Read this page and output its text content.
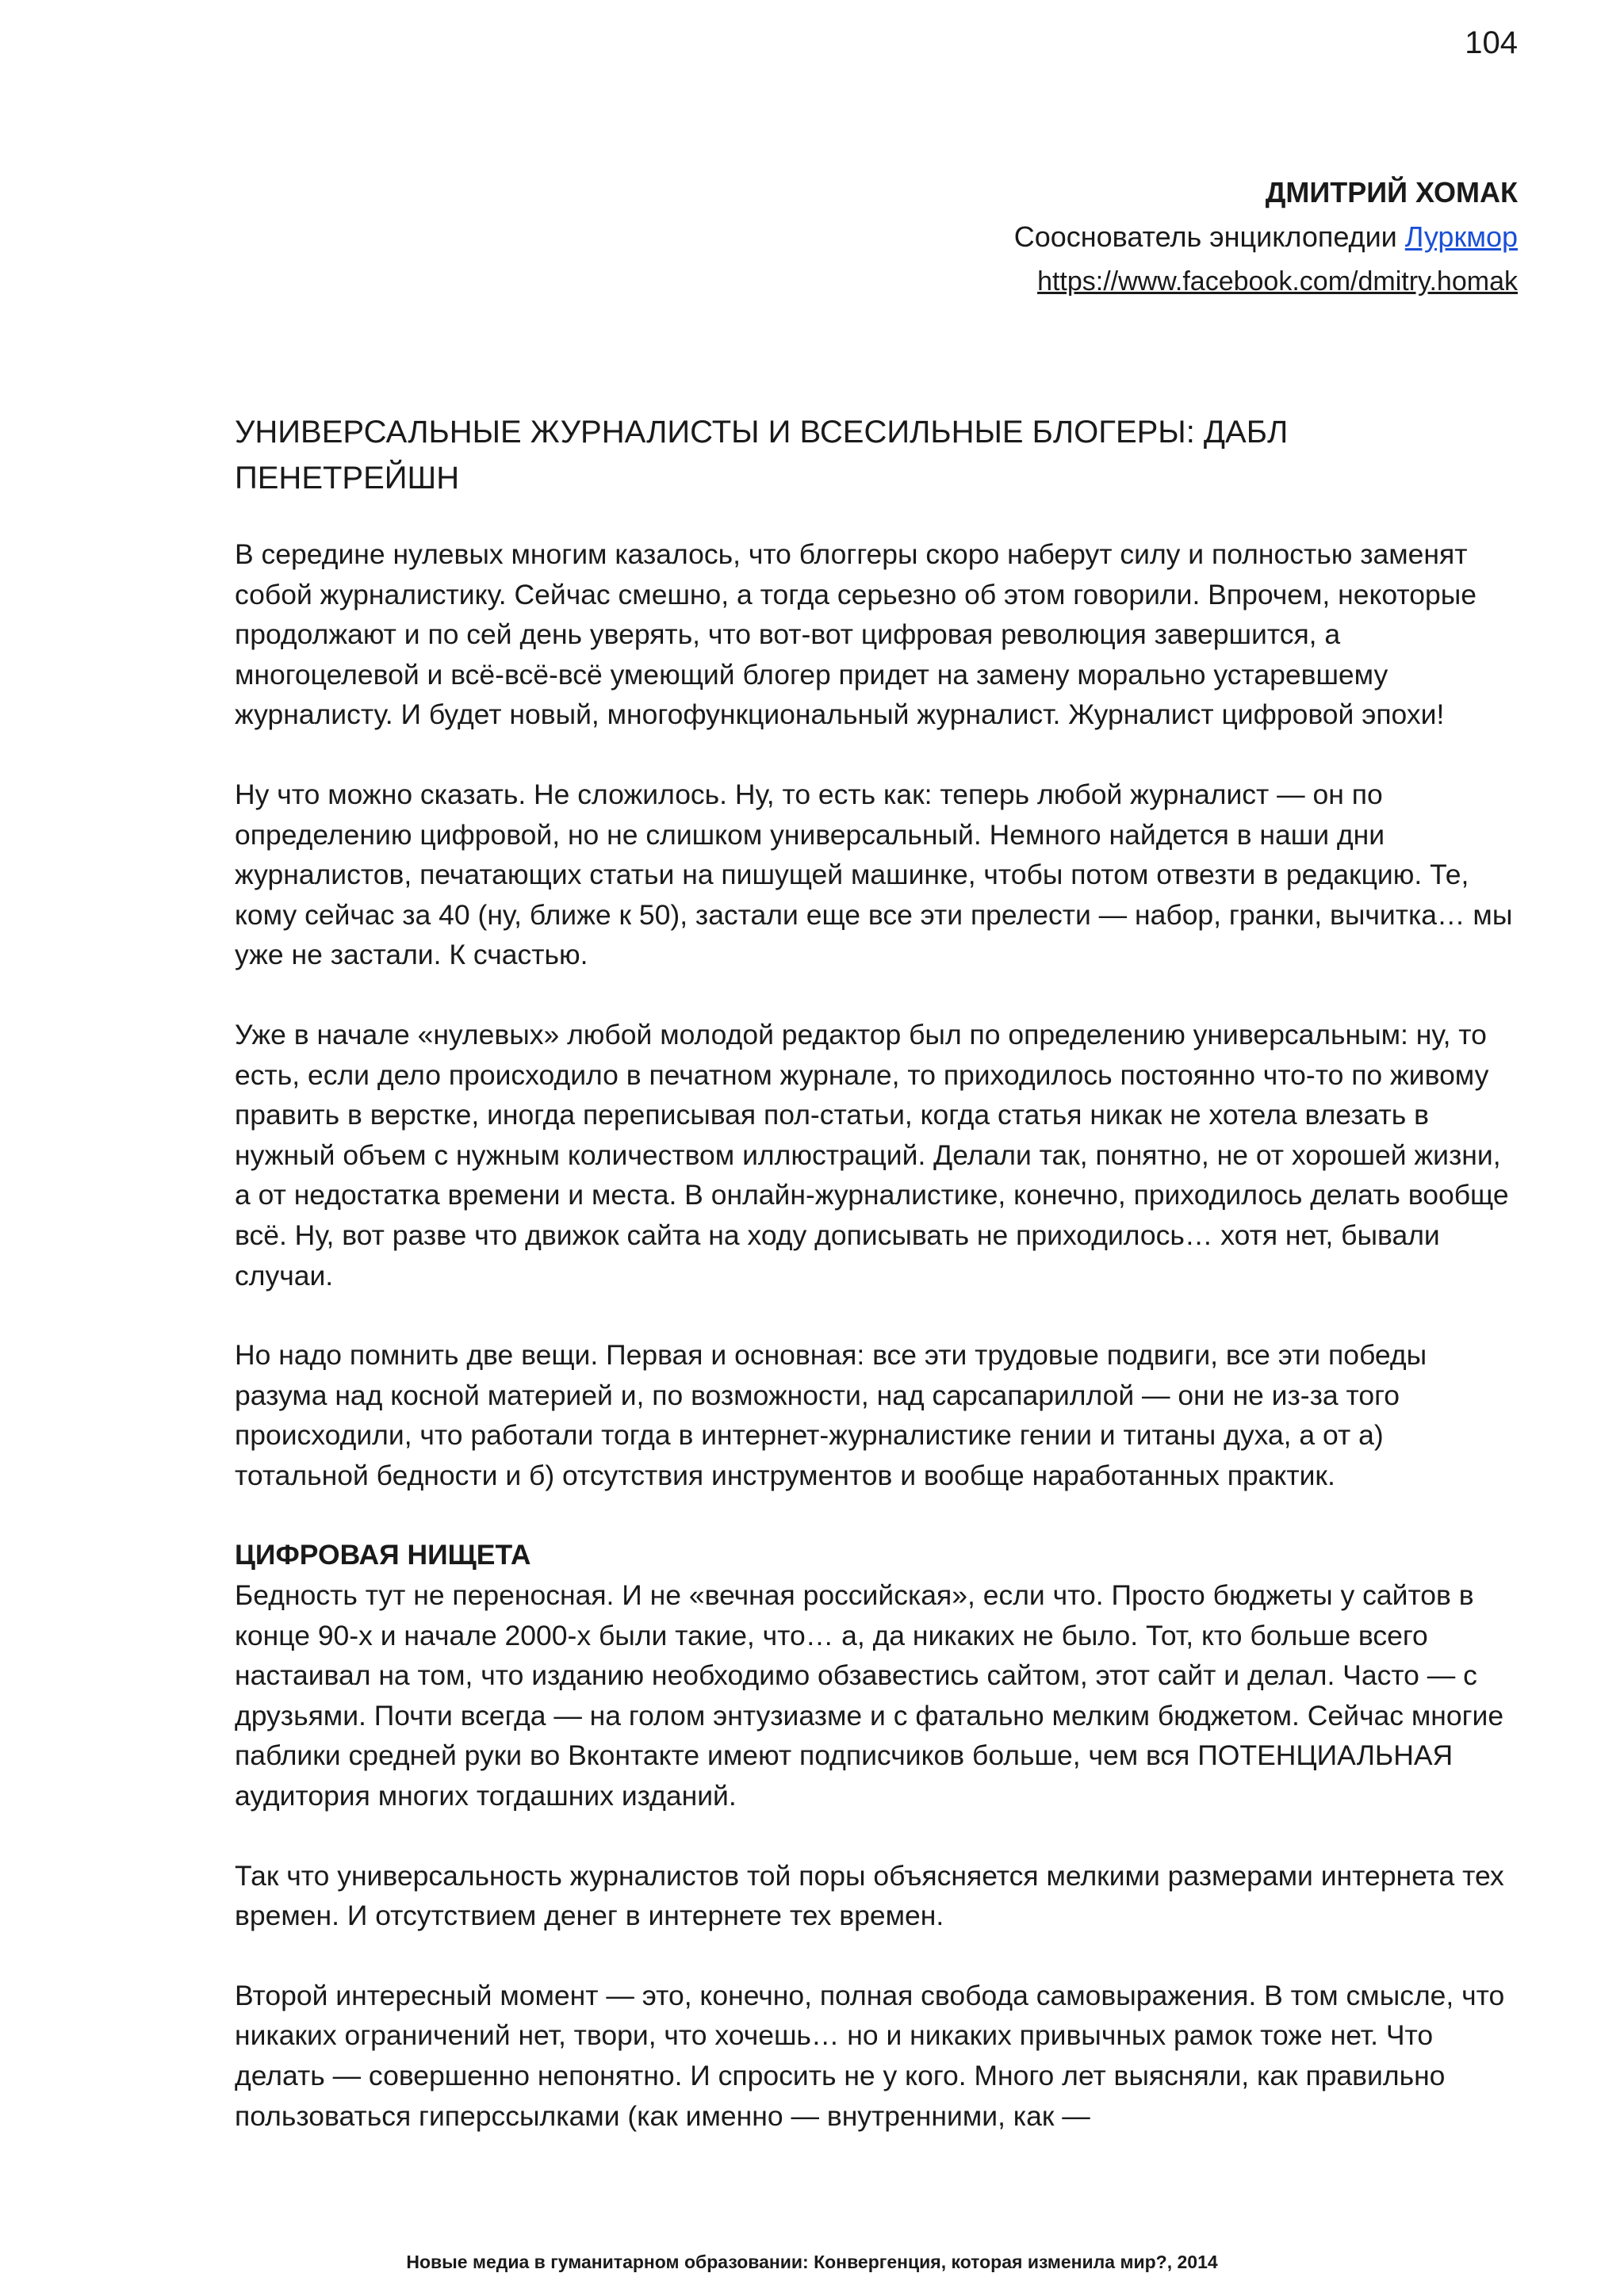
104
ДМИТРИЙ ХОМАК
Сооснователь энциклопедии Луркмор
https://www.facebook.com/dmitry.homak
УНИВЕРСАЛЬНЫЕ ЖУРНАЛИСТЫ И ВСЕСИЛЬНЫЕ БЛОГЕРЫ: ДАБЛ ПЕНЕТРЕЙШН

В середине нулевых многим казалось, что блоггеры скоро наберут силу и полностью заменят собой журналистику. Сейчас смешно, а тогда серьезно об этом говорили. Впрочем, некоторые продолжают и по сей день уверять, что вот-вот цифровая революция завершится, а многоцелевой и всё-всё-всё умеющий блогер придет на замену морально устаревшему журналисту. И будет новый, многофункциональный журналист. Журналист цифровой эпохи!

Ну что можно сказать. Не сложилось. Ну, то есть как: теперь любой журналист — он по определению цифровой, но не слишком универсальный. Немного найдется в наши дни журналистов, печатающих статьи на пишущей машинке, чтобы потом отвезти в редакцию. Те, кому сейчас за 40 (ну, ближе к 50), застали еще все эти прелести — набор, гранки, вычитка… мы уже не застали. К счастью.

Уже в начале «нулевых» любой молодой редактор был по определению универсальным: ну, то есть, если дело происходило в печатном журнале, то приходилось постоянно что-то по живому править в верстке, иногда переписывая пол-статьи, когда статья никак не хотела влезать в нужный объем с нужным количеством иллюстраций. Делали так, понятно, не от хорошей жизни, а от недостатка времени и места. В онлайн-журналистике, конечно, приходилось делать вообще всё. Ну, вот разве что движок сайта на ходу дописывать не приходилось… хотя нет, бывали случаи.

Но надо помнить две вещи. Первая и основная: все эти трудовые подвиги, все эти победы разума над косной материей и, по возможности, над сарсапариллой — они не из-за того происходили, что работали тогда в интернет-журналистике гении и титаны духа, а от а) тотальной бедности и б) отсутствия инструментов и вообще наработанных практик.

ЦИФРОВАЯ НИЩЕТА

Бедность тут не переносная. И не «вечная российская», если что. Просто бюджеты у сайтов в конце 90-х и начале 2000-х были такие, что… а, да никаких не было. Тот, кто больше всего настаивал на том, что изданию необходимо обзавестись сайтом, этот сайт и делал. Часто — с друзьями. Почти всегда — на голом энтузиазме и с фатально мелким бюджетом. Сейчас многие паблики средней руки во Вконтакте имеют подписчиков больше, чем вся ПОТЕНЦИАЛЬНАЯ аудитория многих тогдашних изданий.

Так что универсальность журналистов той поры объясняется мелкими размерами интернета тех времен. И отсутствием денег в интернете тех времен.

Второй интересный момент — это, конечно, полная свобода самовыражения. В том смысле, что никаких ограничений нет, твори, что хочешь… но и никаких привычных рамок тоже нет. Что делать — совершенно непонятно. И спросить не у кого. Много лет выясняли, как правильно пользоваться гиперссылками (как именно — внутренними, как —

Новые медиа в гуманитарном образовании: Конвергенция, которая изменила мир?, 2014
